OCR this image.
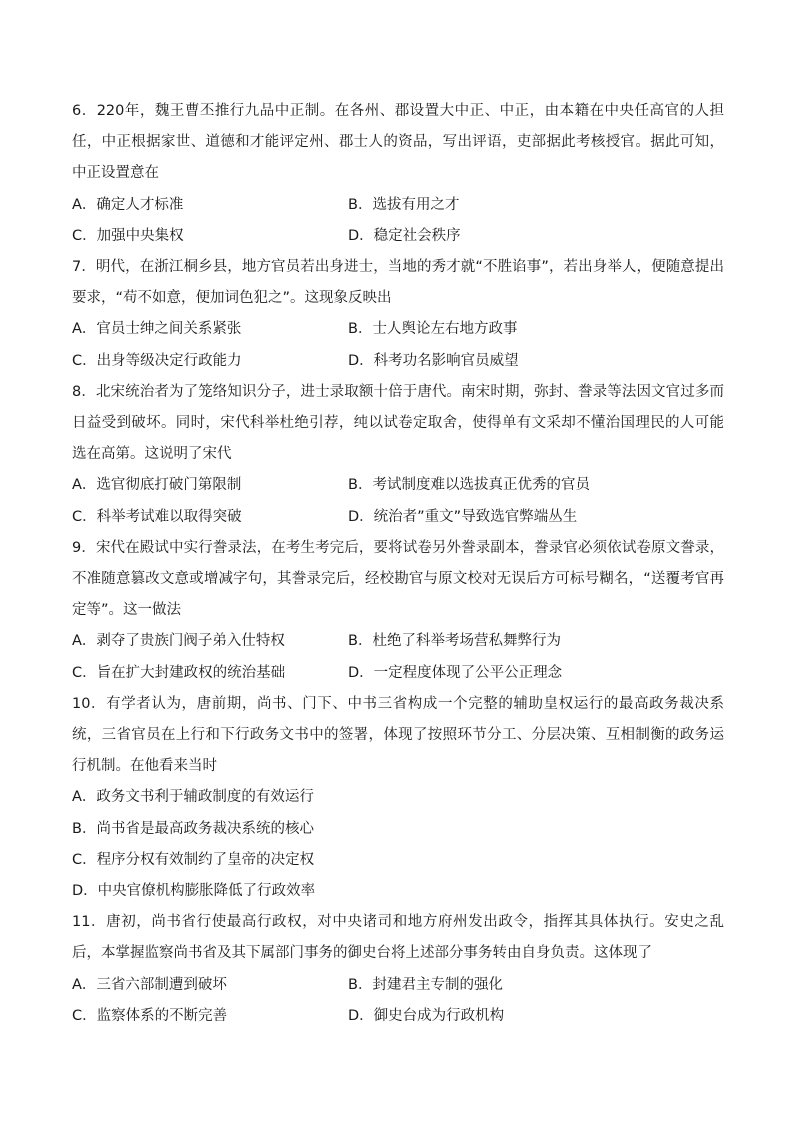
6．220年，魏王曹丕推行九品中正制。在各州、郡设置大中正、中正，由本籍在中央任高官的人担任，中正根据家世、道德和才能评定州、郡士人的资品，写出评语，吏部据此考核授官。据此可知，中正设置意在

A．确定人才标准	B．选拔有用之才

C．加强中央集权	D．稳定社会秩序

7．明代，在浙江桐乡县，地方官员若出身进士，当地的秀才就“不胜谄事”，若出身举人，便随意提出要求，“苟不如意，便加词色犯之”。这现象反映出

A．官员士绅之间关系紧张	B．士人舆论左右地方政事

C．出身等级决定行政能力	D．科考功名影响官员威望

8．北宋统治者为了笼络知识分子，进士录取额十倍于唐代。南宋时期，弥封、誊录等法因文官过多而日益受到破坏。同时，宋代科举杜绝引荐，纯以试卷定取舍，使得单有文采却不懂治国理民的人可能选在高第。这说明了宋代

A．选官彻底打破门第限制	B．考试制度难以选拔真正优秀的官员

C．科举考试难以取得突破	D．统治者”重文”导致选官弊端丛生

9．宋代在殿试中实行誊录法，在考生考完后，要将试卷另外誊录副本，誊录官必须依试卷原文誊录，不准随意篡改文意或增减字句，其誊录完后，经校勘官与原文校对无误后方可标号糊名，“送覆考官再定等”。这一做法

A．剥夺了贵族门阀子弟入仕特权	B．杜绝了科举考场营私舞弊行为

C．旨在扩大封建政权的统治基础	D．一定程度体现了公平公正理念

10．有学者认为，唐前期，尚书、门下、中书三省构成一个完整的辅助皇权运行的最高政务裁决系统，三省官员在上行和下行政务文书中的签署，体现了按照环节分工、分层决策、互相制衡的政务运行机制。在他看来当时

A．政务文书利于辅政制度的有效运行

B．尚书省是最高政务裁决系统的核心

C．程序分权有效制约了皇帝的决定权

D．中央官僚机构膨胀降低了行政效率

11．唐初，尚书省行使最高行政权，对中央诸司和地方府州发出政令，指挥其具体执行。安史之乱后，本掌握监察尚书省及其下属部门事务的御史台将上述部分事务转由自身负责。这体现了

A．三省六部制遭到破坏	B．封建君主专制的强化

C．监察体系的不断完善	D．御史台成为行政机构
